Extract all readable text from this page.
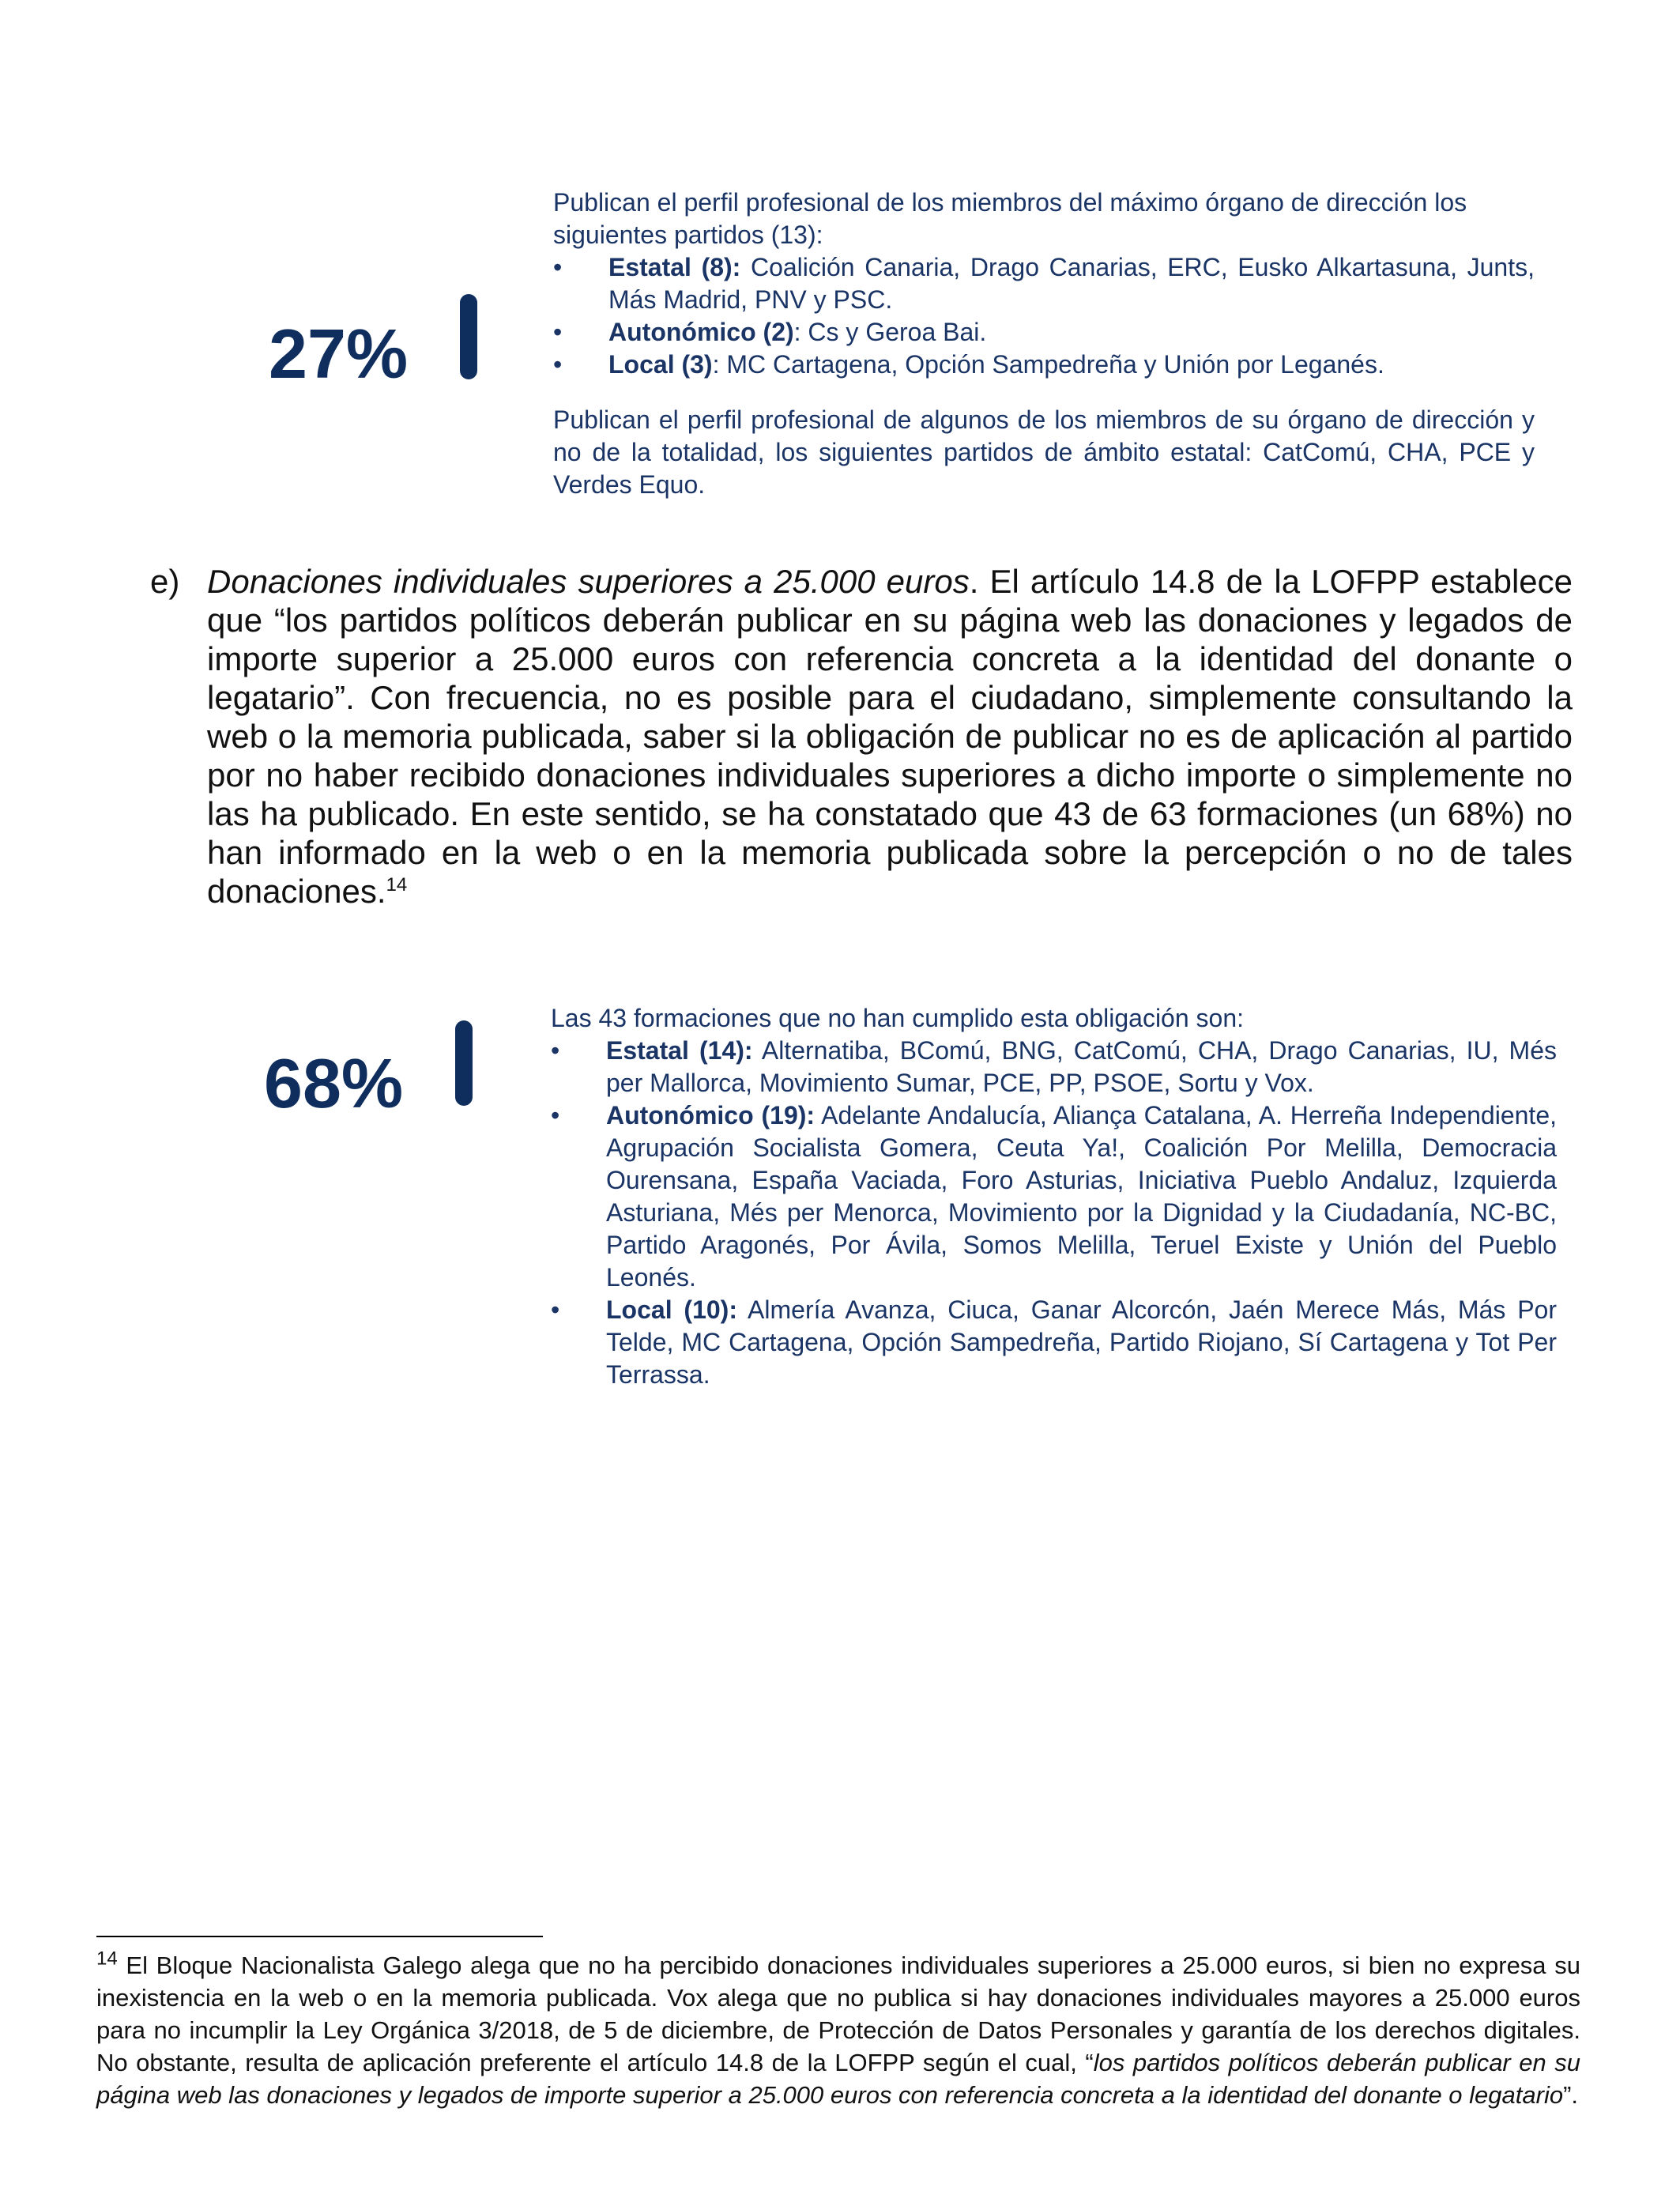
27%

Publican el perfil profesional de los miembros del máximo órgano de dirección los siguientes partidos (13):

• Estatal (8): Coalición Canaria, Drago Canarias, ERC, Eusko Alkartasuna, Junts, Más Madrid, PNV y PSC.
• Autonómico (2): Cs y Geroa Bai.
• Local (3): MC Cartagena, Opción Sampedreña y Unión por Leganés.

Publican el perfil profesional de algunos de los miembros de su órgano de dirección y no de la totalidad, los siguientes partidos de ámbito estatal: CatComú, CHA, PCE y Verdes Equo.

e) Donaciones individuales superiores a 25.000 euros. El artículo 14.8 de la LOFPP establece que “los partidos políticos deberán publicar en su página web las donaciones y legados de importe superior a 25.000 euros con referencia concreta a la identidad del donante o legatario”. Con frecuencia, no es posible para el ciudadano, simplemente consultando la web o la memoria publicada, saber si la obligación de publicar no es de aplicación al partido por no haber recibido donaciones individuales superiores a dicho importe o simplemente no las ha publicado. En este sentido, se ha constatado que 43 de 63 formaciones (un 68%) no han informado en la web o en la memoria publicada sobre la percepción o no de tales donaciones.$^{14}$
68%

Las 43 formaciones que no han cumplido esta obligación son:

• Estatal (14): Alternatiba, BComú, BNG, CatComú, CHA, Drago Canarias, IU, Més per Mallorca, Movimiento Sumar, PCE, PP, PSOE, Sortu y Vox.
• Autonómico (19): Adelante Andalucía, Aliança Catalana, A. Herreña Independiente, Agrupación Socialista Gomera, Ceuta Ya!, Coalición Por Melilla, Democracia Ourensana, España Vaciada, Foro Asturias, Iniciativa Pueblo Andaluz, Izquierda Asturiana, Més per Menorca, Movimiento por la Dignidad y la Ciudadanía, NC-BC, Partido Aragonés, Por Ávila, Somos Melilla, Teruel Existe y Unión del Pueblo Leonés.
• Local (10): Almería Avanza, Ciuca, Ganar Alcorcón, Jaén Merece Más, Más Por Telde, MC Cartagena, Opción Sampedreña, Partido Riojano, Sí Cartagena y Tot Per Terrassa.
$^{14}$ El Bloque Nacionalista Galego alega que no ha percibido donaciones individuales superiores a 25.000 euros, si bien no expresa su inexistencia en la web o en la memoria publicada. Vox alega que no publica si hay donaciones individuales mayores a 25.000 euros para no incumplir la Ley Orgánica 3/2018, de 5 de diciembre, de Protección de Datos Personales y garantía de los derechos digitales. No obstante, resulta de aplicación preferente el artículo 14.8 de la LOFPP según el cual, “los partidos políticos deberán publicar en su página web las donaciones y legados de importe superior a 25.000 euros con referencia concreta a la identidad del donante o legatario”.
